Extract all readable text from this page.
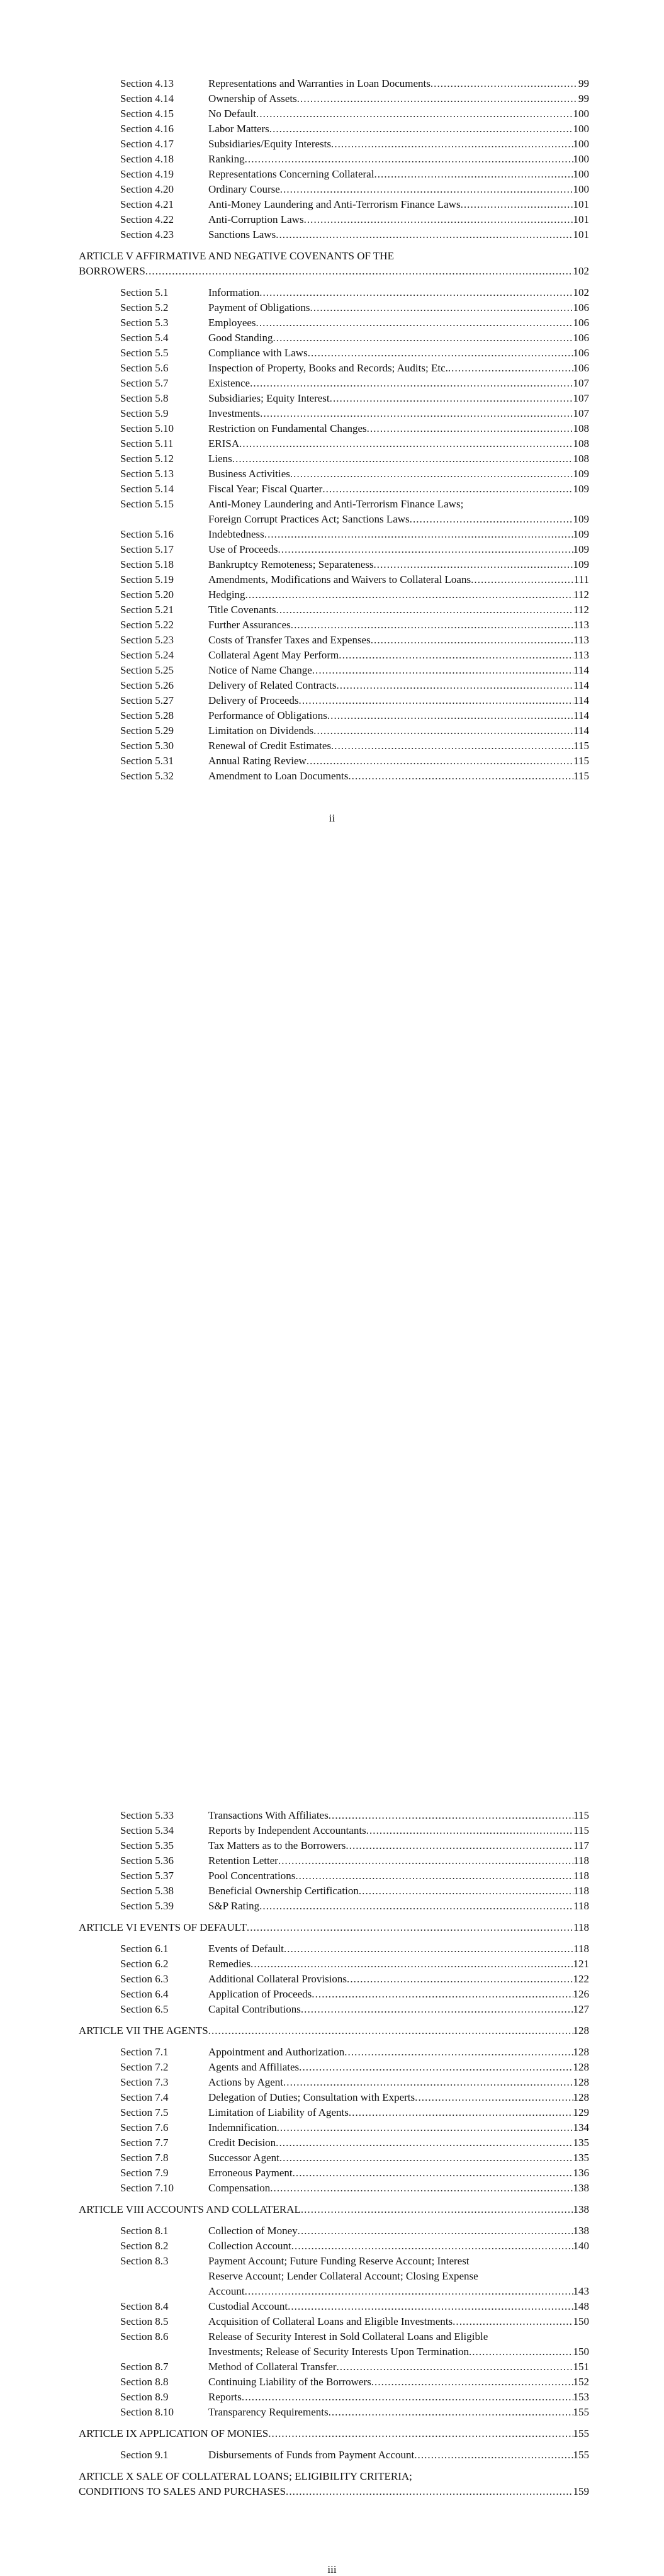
Section 4.13	Representations and Warranties in Loan Documents . . .	99
Section 4.14	Ownership of Assets . . .	99
Section 4.15	No Default . . .	100
Section 4.16	Labor Matters . . .	100
Section 4.17	Subsidiaries/Equity Interests . . .	100
Section 4.18	Ranking . . .	100
Section 4.19	Representations Concerning Collateral . . .	100
Section 4.20	Ordinary Course . . .	100
Section 4.21	Anti-Money Laundering and Anti-Terrorism Finance Laws . . .	101
Section 4.22	Anti-Corruption Laws . . .	101
Section 4.23	Sanctions Laws . . .	101
ARTICLE V AFFIRMATIVE AND NEGATIVE COVENANTS OF THE
BORROWERS . . .	102
Section 5.1	Information . . .	102
Section 5.2	Payment of Obligations . . .	106
Section 5.3	Employees . . .	106
Section 5.4	Good Standing . . .	106
Section 5.5	Compliance with Laws . . .	106
Section 5.6	Inspection of Property, Books and Records; Audits; Etc. . . .	106
Section 5.7	Existence . . .	107
Section 5.8	Subsidiaries; Equity Interest . . .	107
Section 5.9	Investments . . .	107
Section 5.10	Restriction on Fundamental Changes . . .	108
Section 5.11	ERISA . . .	108
Section 5.12	Liens . . .	108
Section 5.13	Business Activities . . .	109
Section 5.14	Fiscal Year; Fiscal Quarter . . .	109
Section 5.15	Anti-Money Laundering and Anti-Terrorism Finance Laws;
Foreign Corrupt Practices Act; Sanctions Laws . . .	109
Section 5.16	Indebtedness . . .	109
Section 5.17	Use of Proceeds . . .	109
Section 5.18	Bankruptcy Remoteness; Separateness . . .	109
Section 5.19	Amendments, Modifications and Waivers to Collateral Loans . . .	111
Section 5.20	Hedging . . .	112
Section 5.21	Title Covenants . . .	112
Section 5.22	Further Assurances . . .	113
Section 5.23	Costs of Transfer Taxes and Expenses . . .	113
Section 5.24	Collateral Agent May Perform . . .	113
Section 5.25	Notice of Name Change . . .	114
Section 5.26	Delivery of Related Contracts . . .	114
Section 5.27	Delivery of Proceeds . . .	114
Section 5.28	Performance of Obligations . . .	114
Section 5.29	Limitation on Dividends . . .	114
Section 5.30	Renewal of Credit Estimates . . .	115
Section 5.31	Annual Rating Review . . .	115
Section 5.32	Amendment to Loan Documents . . .	115
ii
Section 5.33	Transactions With Affiliates . . .	115
Section 5.34	Reports by Independent Accountants . . .	115
Section 5.35	Tax Matters as to the Borrowers . . .	117
Section 5.36	Retention Letter . . .	118
Section 5.37	Pool Concentrations . . .	118
Section 5.38	Beneficial Ownership Certification . . .	118
Section 5.39	S&P Rating . . .	118
ARTICLE VI EVENTS OF DEFAULT . . .	118
Section 6.1	Events of Default . . .	118
Section 6.2	Remedies . . .	121
Section 6.3	Additional Collateral Provisions . . .	122
Section 6.4	Application of Proceeds . . .	126
Section 6.5	Capital Contributions . . .	127
ARTICLE VII THE AGENTS . . .	128
Section 7.1	Appointment and Authorization . . .	128
Section 7.2	Agents and Affiliates . . .	128
Section 7.3	Actions by Agent . . .	128
Section 7.4	Delegation of Duties; Consultation with Experts . . .	128
Section 7.5	Limitation of Liability of Agents . . .	129
Section 7.6	Indemnification . . .	134
Section 7.7	Credit Decision . . .	135
Section 7.8	Successor Agent . . .	135
Section 7.9	Erroneous Payment . . .	136
Section 7.10	Compensation . . .	138
ARTICLE VIII ACCOUNTS AND COLLATERAL . . .	138
Section 8.1	Collection of Money . . .	138
Section 8.2	Collection Account . . .	140
Section 8.3	Payment Account; Future Funding Reserve Account; Interest
Reserve Account; Lender Collateral Account; Closing Expense
Account . . .	143
Section 8.4	Custodial Account . . .	148
Section 8.5	Acquisition of Collateral Loans and Eligible Investments . . .	150
Section 8.6	Release of Security Interest in Sold Collateral Loans and Eligible
Investments; Release of Security Interests Upon Termination . . .	150
Section 8.7	Method of Collateral Transfer . . .	151
Section 8.8	Continuing Liability of the Borrowers . . .	152
Section 8.9	Reports . . .	153
Section 8.10	Transparency Requirements . . .	155
ARTICLE IX APPLICATION OF MONIES . . .	155
Section 9.1	Disbursements of Funds from Payment Account . . .	155
ARTICLE X SALE OF COLLATERAL LOANS; ELIGIBILITY CRITERIA;
CONDITIONS TO SALES AND PURCHASES . . .	159
iii
